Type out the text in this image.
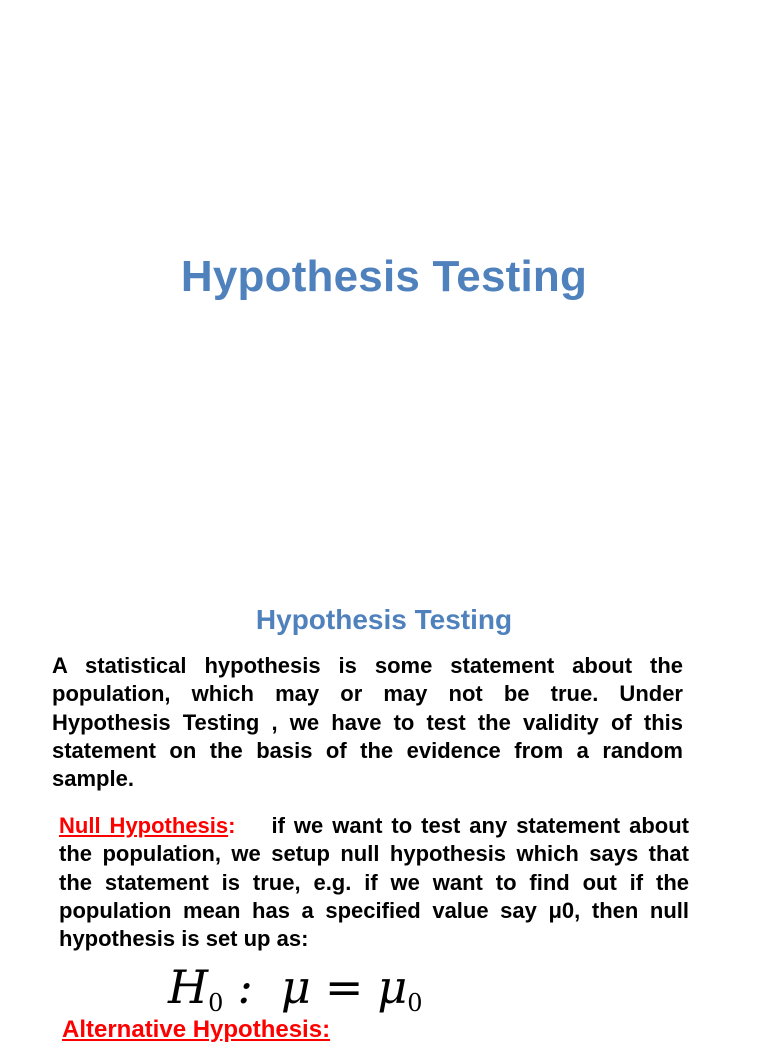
Hypothesis Testing
Hypothesis Testing

A statistical hypothesis is some statement about the population, which may or may not be true. Under Hypothesis Testing , we have to test the validity of this statement on the basis of the evidence from a random sample.

Null Hypothesis: if we want to test any statement about the population, we setup null hypothesis which says that the statement is true, e.g. if we want to find out if the population mean has a specified value say μ0, then null hypothesis is set up as:

$H_0$ : $\mu = \mu_0$
Alternative Hypothesis:
